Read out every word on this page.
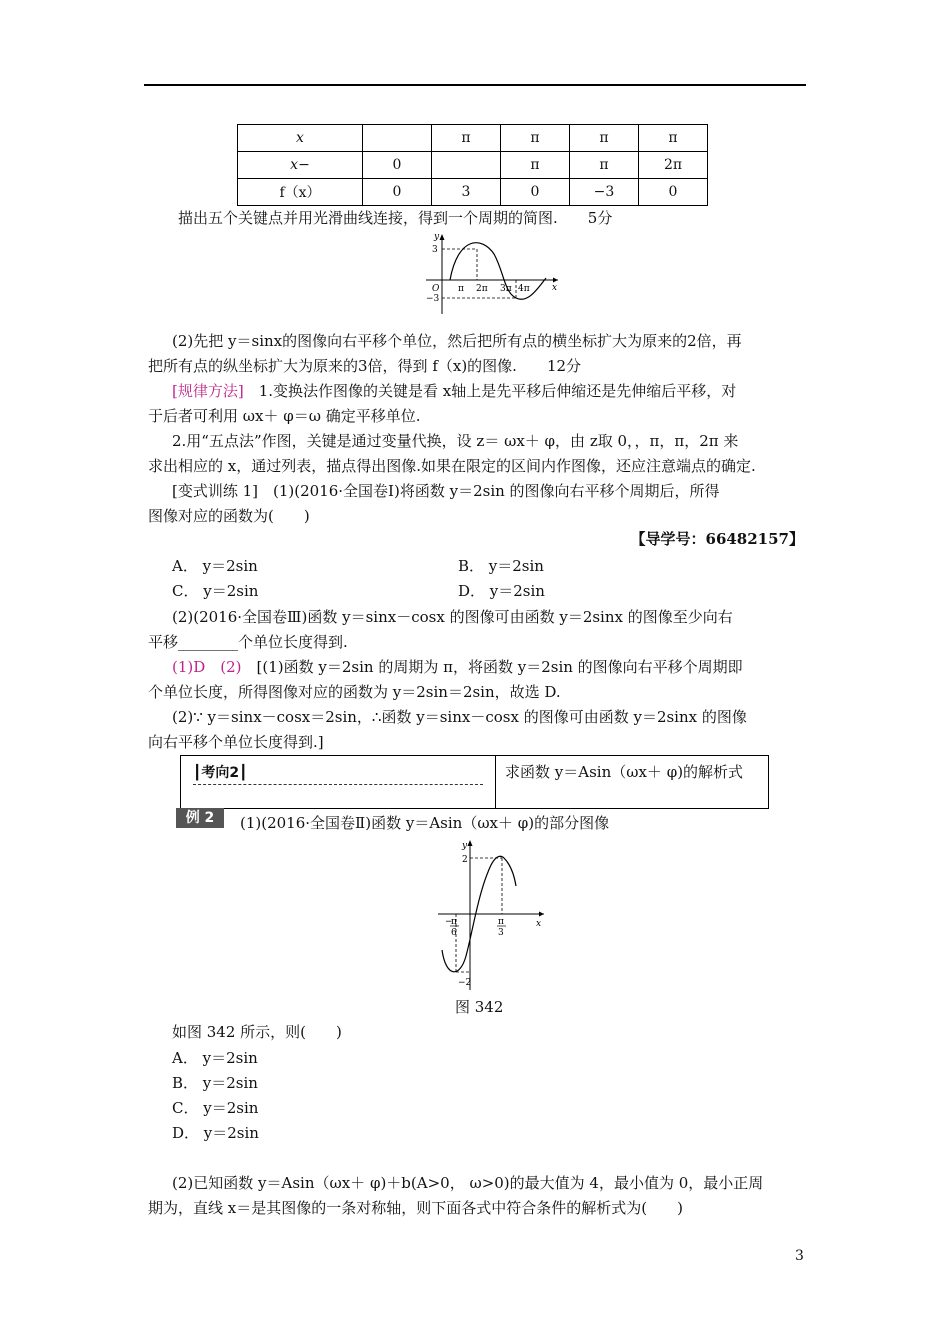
x		π	π	π	π
x−	0		π	π	2π
f（x）	0	3	0	−3	0
描出五个关键点并用光滑曲线连接，得到一个周期的简图.　　5分
y
x
3
−3
O π 2π 3π 4π
(2)先把 y＝sinx的图像向右平移个单位，然后把所有点的横坐标扩大为原来的2倍，再
把所有点的纵坐标扩大为原来的3倍，得到 f（x)的图像.　　12分
[规律方法]　1.变换法作图像的关键是看 x轴上是先平移后伸缩还是先伸缩后平移，对
于后者可利用 ωx＋ φ＝ω 确定平移单位.
2.用“五点法”作图，关键是通过变量代换，设 z＝ ωx＋ φ，由 z取 0，，π，π，2π 来
求出相应的 x，通过列表，描点得出图像.如果在限定的区间内作图像，还应注意端点的确定.
[变式训练 1]　(1)(2016·全国卷Ⅰ)将函数 y＝2sin 的图像向右平移个周期后，所得
图像对应的函数为(　　)
【导学号：66482157】
A． y＝2sin	B． y＝2sin
C． y＝2sin	D． y＝2sin
(2)(2016·全国卷Ⅲ)函数 y＝sinx－cosx 的图像可由函数 y＝2sinx 的图像至少向右
平移________个单位长度得到.
(1)D　(2)　[(1)函数 y＝2sin 的周期为 π，将函数 y＝2sin 的图像向右平移个周期即
个单位长度，所得图像对应的函数为 y＝2sin＝2sin，故选 D.
(2)∵ y＝sinx－cosx＝2sin，∴函数 y＝sinx－cosx 的图像可由函数 y＝2sinx 的图像
向右平移个单位长度得到.]
┃考向2┃	求函数 y＝Asin（ωx＋ φ)的解析式
例 2	(1)(2016·全国卷Ⅱ)函数 y＝Asin（ωx＋ φ)的部分图像
y
x
2
−2
−
π
6
π
3
图 342
如图 342 所示，则(　　)
A． y＝2sin
B． y＝2sin
C． y＝2sin
D． y＝2sin
(2)已知函数 y＝Asin（ωx＋ φ)＋b(A>0， ω>0)的最大值为 4，最小值为 0，最小正周
期为，直线 x＝是其图像的一条对称轴，则下面各式中符合条件的解析式为(　　)
3
